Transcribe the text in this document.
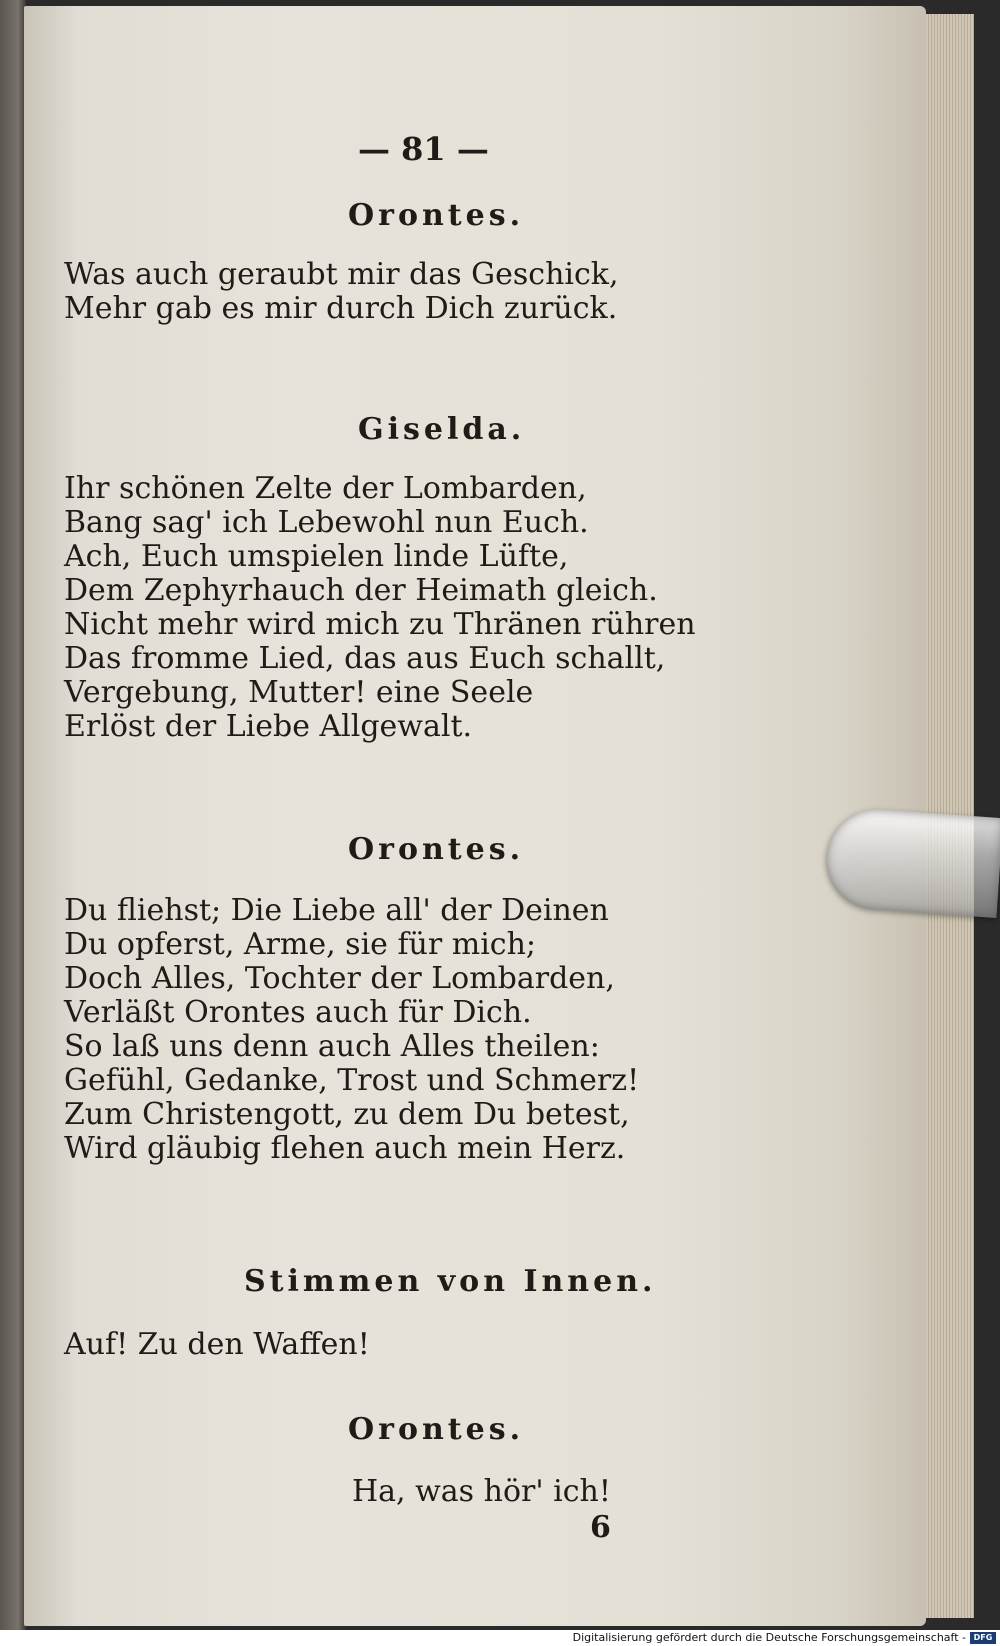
— 81 —
Orontes.
Was auch geraubt mir das Geschick,
Mehr gab es mir durch Dich zurück.
Giselda.
Ihr schönen Zelte der Lombarden,
Bang sag' ich Lebewohl nun Euch.
Ach, Euch umspielen linde Lüfte,
Dem Zephyrhauch der Heimath gleich.
Nicht mehr wird mich zu Thränen rühren
Das fromme Lied, das aus Euch schallt,
Vergebung, Mutter! eine Seele
Erlöst der Liebe Allgewalt.
Orontes.
Du fliehst; Die Liebe all' der Deinen
Du opferst, Arme, sie für mich;
Doch Alles, Tochter der Lombarden,
Verläßt Orontes auch für Dich.
So laß uns denn auch Alles theilen:
Gefühl, Gedanke, Trost und Schmerz!
Zum Christengott, zu dem Du betest,
Wird gläubig flehen auch mein Herz.
Stimmen von Innen.
Auf! Zu den Waffen!
Orontes.
Ha, was hör' ich!
6
Digitalisierung gefördert durch die Deutsche Forschungsgemeinschaft - DFG
